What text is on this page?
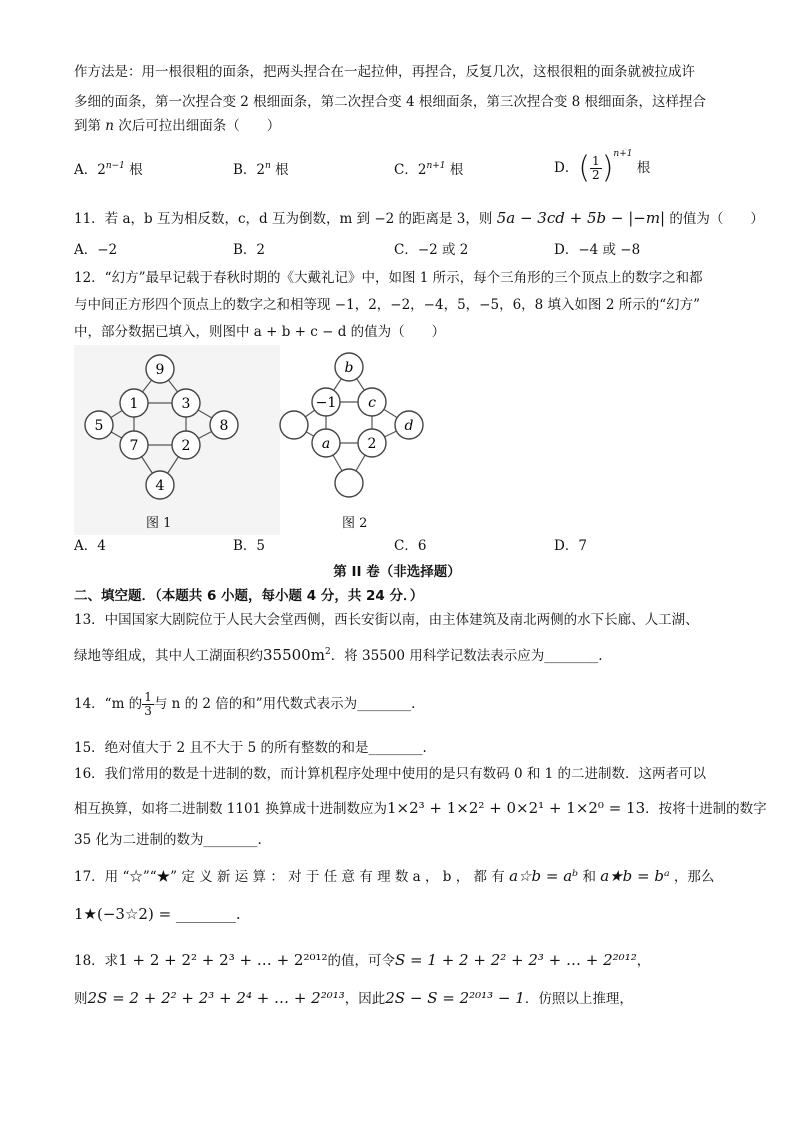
作方法是：用一根很粗的面条，把两头捏合在一起拉伸，再捏合，反复几次，这根很粗的面条就被拉成许
多细的面条，第一次捏合变 2 根细面条，第二次捏合变 4 根细面条，第三次捏合变 8 根细面条，这样捏合
到第 n 次后可拉出细面条（　　）
A．$2^{n-1}$ 根	B．2$^n$ 根	C．$2^{n+1}$ 根	D．( $\frac{1}{2} )^{n+1}$ 根
11．若 a，b 互为相反数，c，d 互为倒数，m 到 −2 的距离是 3，则 5a − 3cd + 5b − |−m| 的值为（　　）
A．−2	B．2	C．−2 或 2	D．−4 或 −8
12．“幻方”最早记载于春秋时期的《大戴礼记》中，如图 1 所示，每个三角形的三个顶点上的数字之和都
与中间正方形四个顶点上的数字之和相等现 −1，2，−2，−4，5，−5，6，8 填入如图 2 所示的“幻方”
中，部分数据已填入，则图中 a + b + c − d 的值为（　　）
9
1	3
5	8
7	2
4
图 1
b
−1 c
d
a	2
图 2
A．4	B．5	C．6	D．7
第 II 卷（非选择题）
二、填空题．（本题共 6 小题，每小题 4 分，共 24 分．）
13．中国国家大剧院位于人民大会堂西侧，西长安街以南，由主体建筑及南北两侧的水下长廊、人工湖、
绿地等组成，其中人工湖面积约$35500m^2$．将 35500 用科学记数法表示应为________.
14．“m 的 $\frac{1}{3}$ 与 n 的 2 倍的和”用代数式表示为________.
15．绝对值大于 2 且不大于 5 的所有整数的和是________.
16．我们常用的数是十进制的数，而计算机程序处理中使用的是只有数码 0 和 1 的二进制数．这两者可以
相互换算，如将二进制数 1101 换算成十进制数应为1×2³ + 1×2² + 0×2¹ + 1×2⁰ = 13．按将十进制的数字
35 化为二进制的数为________.
17．用 “☆”“★” 定 义 新 运 算 ： 对 于 任 意 有 理 数 a ， b ， 都 有 a☆b = aᵇ 和 a★b = bᵃ ，那么
1★(−3☆2) = ________.
18．求1 + 2 + 2² + 2³ + … + 2²⁰¹²的值，可令S = 1 + 2 + 2² + 2³ + … + 2²⁰¹²，
则2S = 2 + 2² + 2³ + 2⁴ + … + 2²⁰¹³，因此2S − S = 2²⁰¹³ − 1．仿照以上推理，
